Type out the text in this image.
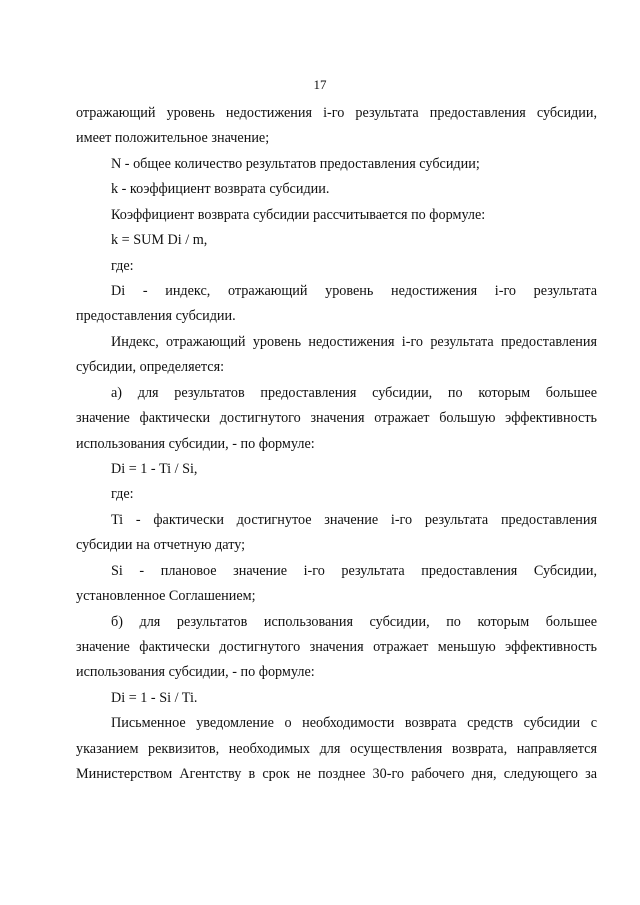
17
отражающий уровень недостижения i-го результата предоставления субсидии,
имеет положительное значение;
N - общее количество результатов предоставления субсидии;
k - коэффициент возврата субсидии.
Коэффициент возврата субсидии рассчитывается по формуле:
k = SUM Di / m,
где:
Di - индекс, отражающий уровень недостижения i-го результата
предоставления субсидии.
Индекс, отражающий уровень недостижения i-го результата предоставления
субсидии, определяется:
а) для результатов предоставления субсидии, по которым большее
значение фактически достигнутого значения отражает большую эффективность
использования субсидии, - по формуле:
Di = 1 - Ti / Si,
где:
Ti - фактически достигнутое значение i-го результата предоставления
субсидии на отчетную дату;
Si - плановое значение i-го результата предоставления Субсидии,
установленное Соглашением;
б) для результатов использования субсидии, по которым большее
значение фактически достигнутого значения отражает меньшую эффективность
использования субсидии, - по формуле:
Di = 1 - Si / Ti.
Письменное уведомление о необходимости возврата средств субсидии с
указанием реквизитов, необходимых для осуществления возврата, направляется
Министерством Агентству в срок не позднее 30-го рабочего дня, следующего за
